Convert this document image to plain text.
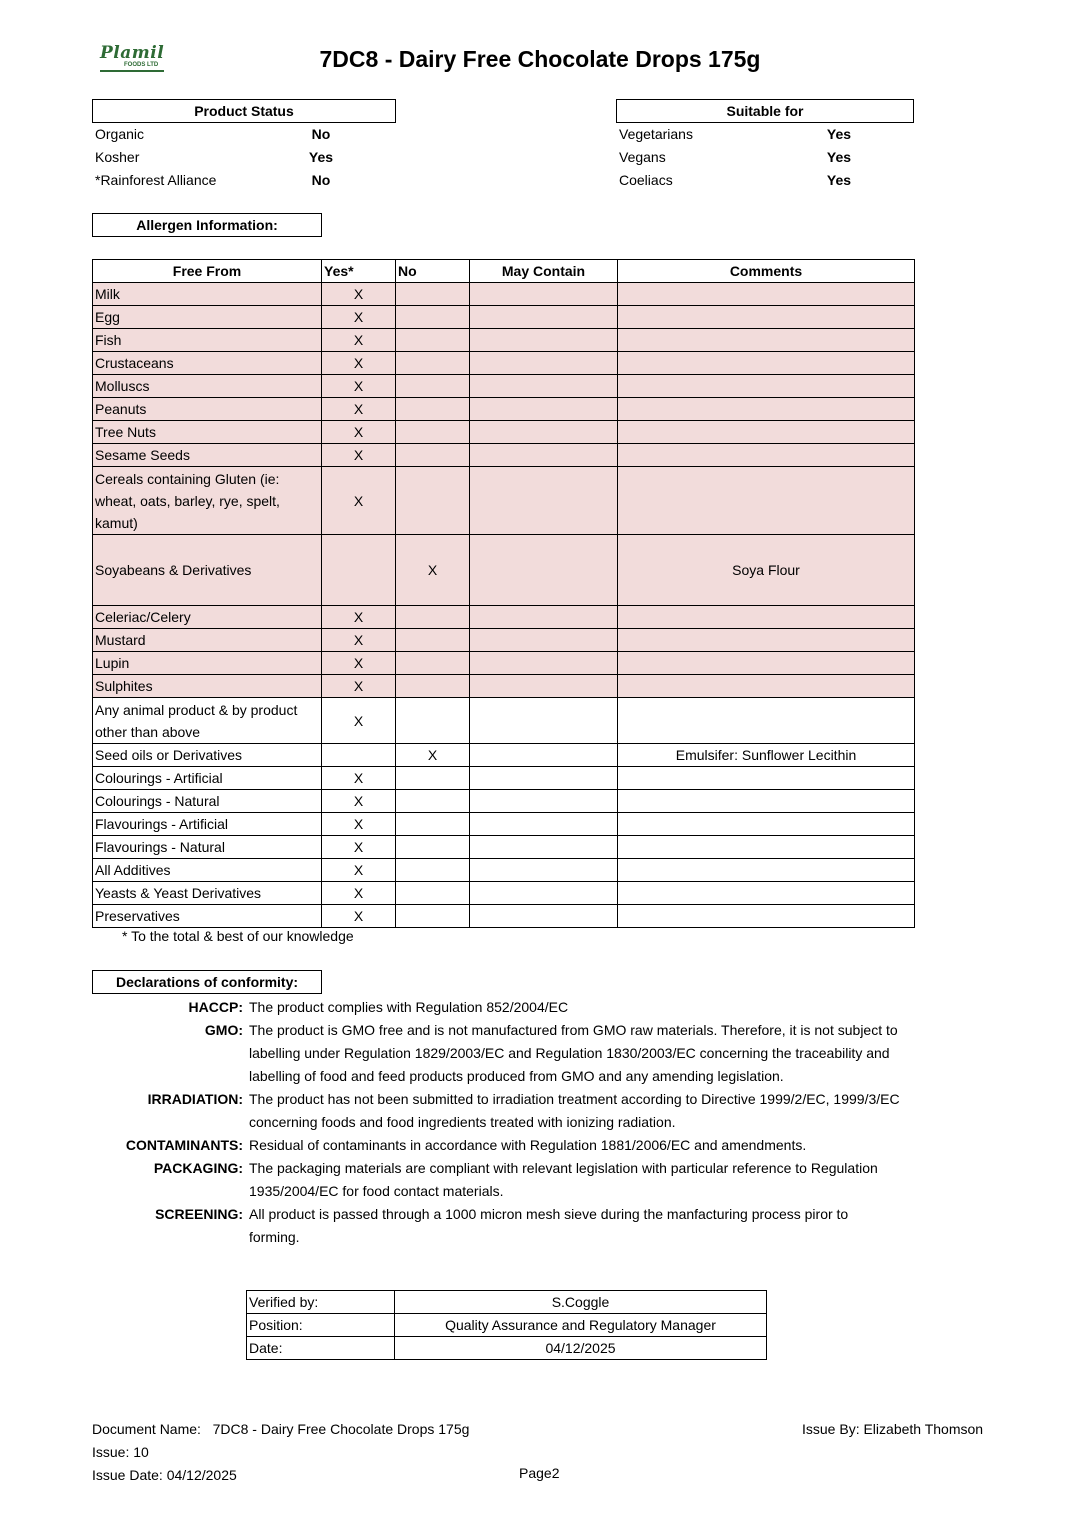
Plamil
FOODS LTD	7DC8 - Dairy Free Chocolate Drops 175g
Product Status
Organic	No
Kosher	Yes
*Rainforest Alliance	No
Suitable for
Vegetarians	Yes
Vegans	Yes
Coeliacs	Yes
Allergen Information:
Free From	Yes*	No	May Contain	Comments
Milk	X			
Egg	X			
Fish	X			
Crustaceans	X			
Molluscs	X			
Peanuts	X			
Tree Nuts	X			
Sesame Seeds	X			
Cereals containing Gluten (ie: wheat, oats, barley, rye, spelt, kamut)	X			
Soyabeans & Derivatives		X		Soya Flour
Celeriac/Celery	X			
Mustard	X			
Lupin	X			
Sulphites	X			
Any animal product & by product other than above	X			
Seed oils or Derivatives		X		Emulsifer: Sunflower Lecithin
Colourings - Artificial	X			
Colourings - Natural	X			
Flavourings - Artificial	X			
Flavourings - Natural	X			
All Additives	X			
Yeasts & Yeast Derivatives	X			
Preservatives	X			
* To the total & best of our knowledge
Declarations of conformity:
HACCP: The product complies with Regulation 852/2004/EC
GMO: The product is GMO free and is not manufactured from GMO raw materials. Therefore, it is not subject to labelling under Regulation 1829/2003/EC and Regulation 1830/2003/EC concerning the traceability and labelling of food and feed products produced from GMO and any amending legislation.
IRRADIATION: The product has not been submitted to irradiation treatment according to Directive 1999/2/EC, 1999/3/EC concerning foods and food ingredients treated with ionizing radiation.
CONTAMINANTS: Residual of contaminants in accordance with Regulation 1881/2006/EC and amendments.
PACKAGING: The packaging materials are compliant with relevant legislation with particular reference to Regulation 1935/2004/EC for food contact materials.
SCREENING: All product is passed through a 1000 micron mesh sieve during the manfacturing process piror to forming.
Verified by:	S.Coggle
Position:	Quality Assurance and Regulatory Manager
Date:	04/12/2025
Document Name: 7DC8 - Dairy Free Chocolate Drops 175g
Issue: 10
Issue Date: 04/12/2025	Page2
Issue By: Elizabeth Thomson
